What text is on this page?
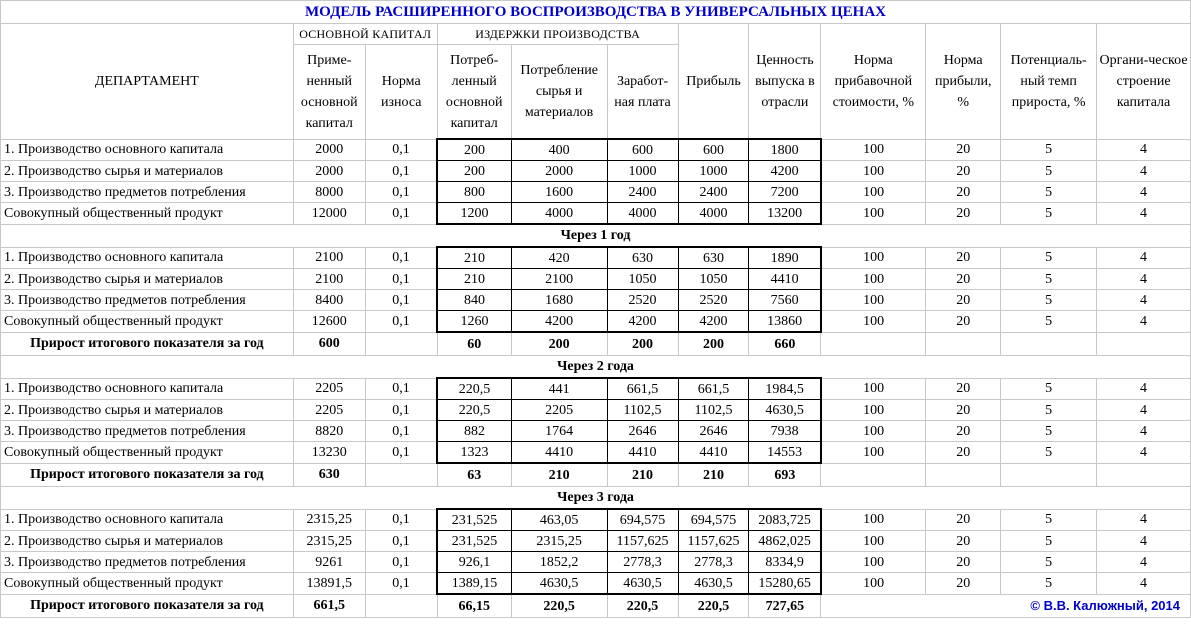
МОДЕЛЬ РАСШИРЕННОГО ВОСПРОИЗВОДСТВА В УНИВЕРСАЛЬНЫХ ЦЕНАХ											
ДЕПАРТАМЕНТ	ОСНОВНОЙ КАПИТАЛ		ИЗДЕРЖКИ ПРОИЗВОДСТВА			Прибыль	Ценность выпуска в отрасли	Норма прибавочной стоимости, %	Норма прибыли, %	Потенциаль-ный темп прироста, %	Органи-ческое строение капитала
	Приме-ненный основной капитал	Норма износа	Потреб-ленный основной капитал	Потребление сырья и материалов	Заработ-ная плата						
1. Производство основного капитала	2000	0,1	200	400	600	600	1800	100	20	5	4
2. Производство сырья и материалов	2000	0,1	200	2000	1000	1000	4200	100	20	5	4
3. Производство предметов потребления	8000	0,1	800	1600	2400	2400	7200	100	20	5	4
Совокупный общественный продукт	12000	0,1	1200	4000	4000	4000	13200	100	20	5	4
Через 1 год											
1. Производство основного капитала	2100	0,1	210	420	630	630	1890	100	20	5	4
2. Производство сырья и материалов	2100	0,1	210	2100	1050	1050	4410	100	20	5	4
3. Производство предметов потребления	8400	0,1	840	1680	2520	2520	7560	100	20	5	4
Совокупный общественный продукт	12600	0,1	1260	4200	4200	4200	13860	100	20	5	4
Прирост итогового показателя за год	600		60	200	200	200	660				
Через 2 года											
1. Производство основного капитала	2205	0,1	220,5	441	661,5	661,5	1984,5	100	20	5	4
2. Производство сырья и материалов	2205	0,1	220,5	2205	1102,5	1102,5	4630,5	100	20	5	4
3. Производство предметов потребления	8820	0,1	882	1764	2646	2646	7938	100	20	5	4
Совокупный общественный продукт	13230	0,1	1323	4410	4410	4410	14553	100	20	5	4
Прирост итогового показателя за год	630		63	210	210	210	693				
Через 3 года											
1. Производство основного капитала	2315,25	0,1	231,525	463,05	694,575	694,575	2083,725	100	20	5	4
2. Производство сырья и материалов	2315,25	0,1	231,525	2315,25	1157,625	1157,625	4862,025	100	20	5	4
3. Производство предметов потребления	9261	0,1	926,1	1852,2	2778,3	2778,3	8334,9	100	20	5	4
Совокупный общественный продукт	13891,5	0,1	1389,15	4630,5	4630,5	4630,5	15280,65	100	20	5	4
Прирост итогового показателя за год	661,5		66,15	220,5	220,5	220,5	727,65	© В.В. Калюжный, 2014			
